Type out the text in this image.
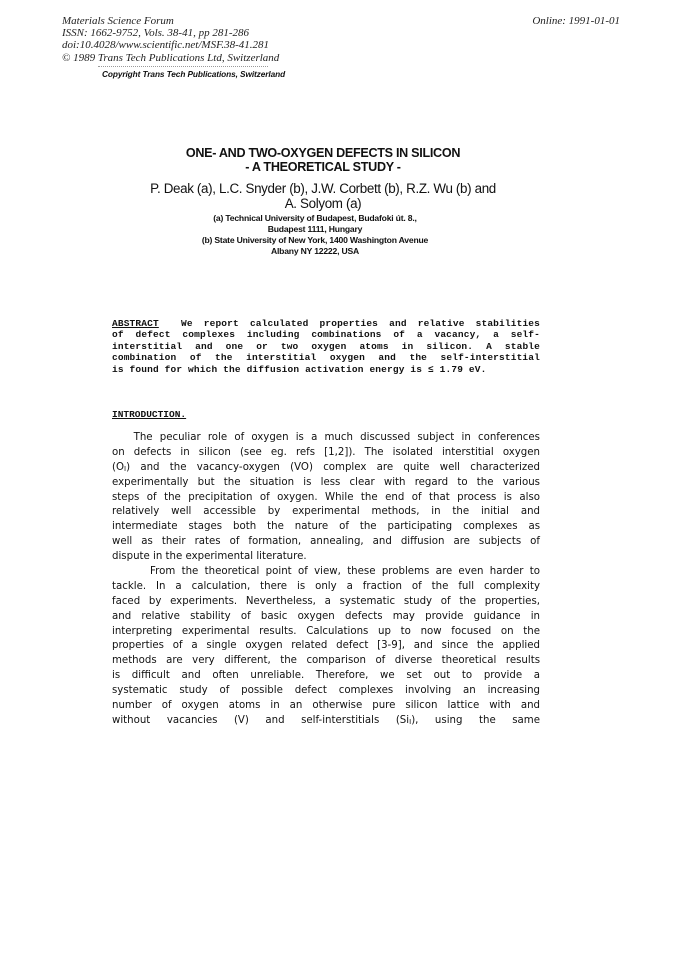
Materials Science Forum
ISSN: 1662-9752, Vols. 38-41, pp 281-286
doi:10.4028/www.scientific.net/MSF.38-41.281
© 1989 Trans Tech Publications Ltd, Switzerland
Online: 1991-01-01
Copyright Trans Tech Publications, Switzerland
ONE- AND TWO-OXYGEN DEFECTS IN SILICON
- A THEORETICAL STUDY -
P. Deak (a), L.C. Snyder (b), J.W. Corbett (b), R.Z. Wu (b) and
A. Solyom (a)
(a) Technical University of Budapest, Budafoki út. 8.,
Budapest 1111, Hungary
(b) State University of New York, 1400 Washington Avenue
Albany NY 12222, USA
ABSTRACT  We report calculated properties and relative stabilities
of defect complexes including combinations of a vacancy, a self-
interstitial and one or two oxygen atoms in silicon. A stable
combination of the interstitial oxygen and the self-interstitial
is found for which the diffusion activation energy is ≤ 1.79 eV.
INTRODUCTION.
The peculiar role of oxygen is a much discussed subject in conferences
on defects in silicon (see eg. refs [1,2]). The isolated interstitial oxygen
(OI) and the vacancy-oxygen (VO) complex are quite well characterized
experimentally but the situation is less clear with regard to the various
steps of the precipitation of oxygen. While the end of that process is also
relatively well accessible by experimental methods, in the initial and
intermediate stages both the nature of the participating complexes as
well as their rates of formation, annealing, and diffusion are subjects of
dispute in the experimental literature.
From the theoretical point of view, these problems are even harder to
tackle. In a calculation, there is only a fraction of the full complexity
faced by experiments. Nevertheless, a systematic study of the properties,
and relative stability of basic oxygen defects may provide guidance in
interpreting experimental results. Calculations up to now focused on the
properties of a single oxygen related defect [3-9], and since the applied
methods are very different, the comparison of diverse theoretical results
is difficult and often unreliable. Therefore, we set out to provide a
systematic study of possible defect complexes involving an increasing
number of oxygen atoms in an otherwise pure silicon lattice with and
without vacancies (V) and self-interstitials (SiI), using the same
